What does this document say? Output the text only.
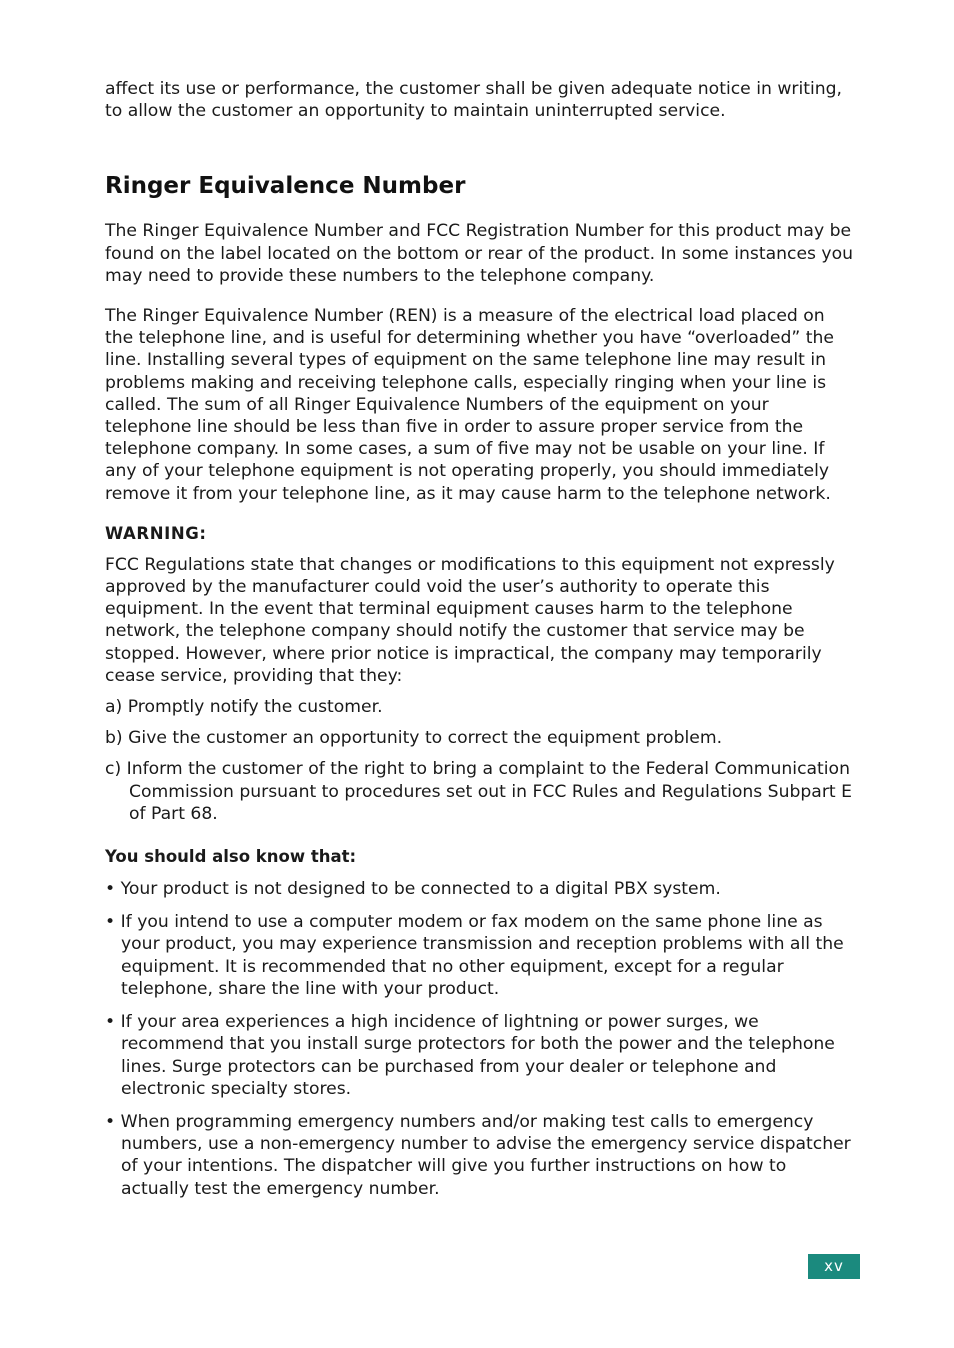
affect its use or performance, the customer shall be given adequate notice in writing, to allow the customer an opportunity to maintain uninterrupted service.

Ringer Equivalence Number

The Ringer Equivalence Number and FCC Registration Number for this product may be found on the label located on the bottom or rear of the product. In some instances you may need to provide these numbers to the telephone company.

The Ringer Equivalence Number (REN) is a measure of the electrical load placed on the telephone line, and is useful for determining whether you have “overloaded” the line. Installing several types of equipment on the same telephone line may result in problems making and receiving telephone calls, especially ringing when your line is called. The sum of all Ringer Equivalence Numbers of the equipment on your telephone line should be less than five in order to assure proper service from the telephone company. In some cases, a sum of five may not be usable on your line. If any of your telephone equipment is not operating properly, you should immediately remove it from your telephone line, as it may cause harm to the telephone network.

WARNING:

FCC Regulations state that changes or modifications to this equipment not expressly approved by the manufacturer could void the user’s authority to operate this equipment. In the event that terminal equipment causes harm to the telephone network, the telephone company should notify the customer that service may be stopped. However, where prior notice is impractical, the company may temporarily cease service, providing that they:

a) Promptly notify the customer.
b) Give the customer an opportunity to correct the equipment problem.
c) Inform the customer of the right to bring a complaint to the Federal Communication Commission pursuant to procedures set out in FCC Rules and Regulations Subpart E of Part 68.
You should also know that:
• Your product is not designed to be connected to a digital PBX system.
• If you intend to use a computer modem or fax modem on the same phone line as your product, you may experience transmission and reception problems with all the equipment. It is recommended that no other equipment, except for a regular telephone, share the line with your product.
• If your area experiences a high incidence of lightning or power surges, we recommend that you install surge protectors for both the power and the telephone lines. Surge protectors can be purchased from your dealer or telephone and electronic specialty stores.
• When programming emergency numbers and/or making test calls to emergency numbers, use a non-emergency number to advise the emergency service dispatcher of your intentions. The dispatcher will give you further instructions on how to actually test the emergency number.
xv
